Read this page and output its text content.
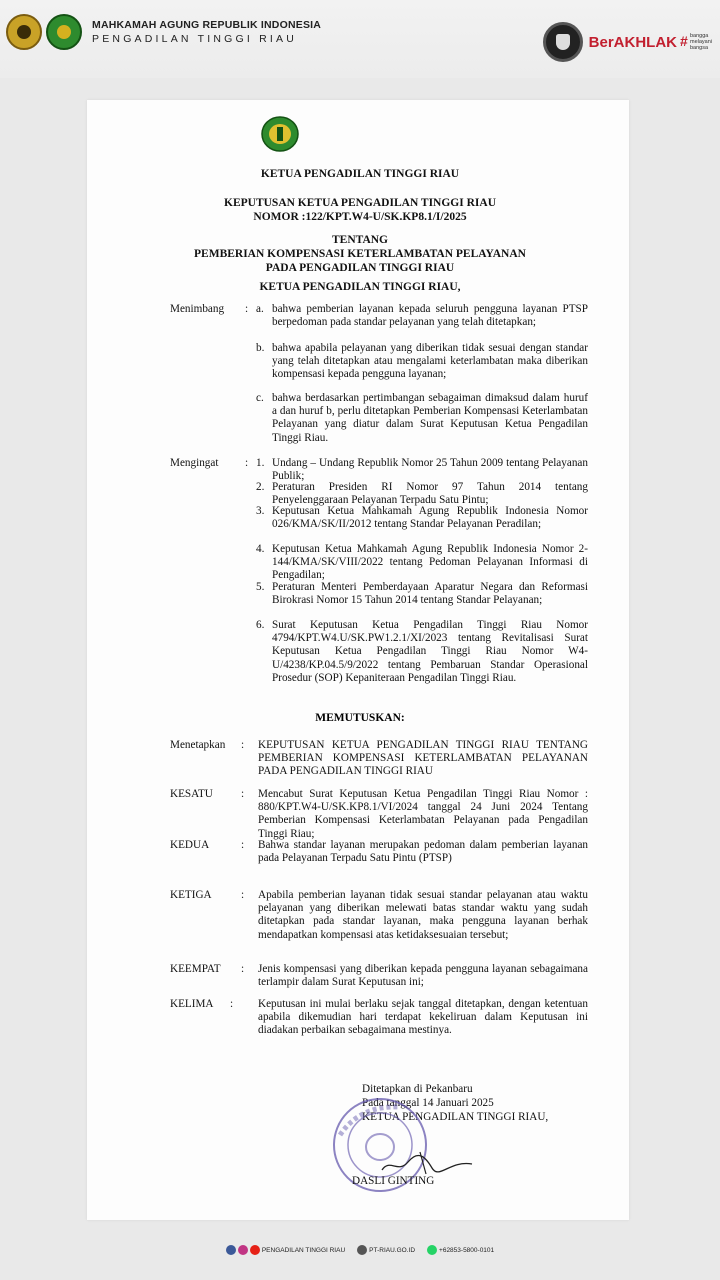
MAHKAMAH AGUNG REPUBLIK INDONESIA
PENGADILAN TINGGI RIAU	BerAKHLAK # bangga
melayani
bangsa
KETUA PENGADILAN TINGGI RIAU
KEPUTUSAN KETUA PENGADILAN TINGGI RIAU
NOMOR :122/KPT.W4-U/SK.KP8.1/I/2025
TENTANG
PEMBERIAN KOMPENSASI KETERLAMBATAN PELAYANAN
PADA PENGADILAN TINGGI RIAU
KETUA PENGADILAN TINGGI RIAU,
Menimbang : a. bahwa pemberian layanan kepada seluruh pengguna layanan PTSP berpedoman pada standar pelayanan yang telah ditetapkan;
b. bahwa apabila pelayanan yang diberikan tidak sesuai dengan standar yang telah ditetapkan atau mengalami keterlambatan maka diberikan kompensasi kepada pengguna layanan;
c. bahwa berdasarkan pertimbangan sebagaiman dimaksud dalam huruf a dan huruf b, perlu ditetapkan Pemberian Kompensasi Keterlambatan Pelayanan yang diatur dalam Surat Keputusan Ketua Pengadilan Tinggi Riau.
Mengingat : 1. Undang – Undang Republik Nomor 25 Tahun 2009 tentang Pelayanan Publik;
2. Peraturan Presiden RI Nomor 97 Tahun 2014 tentang Penyelenggaraan Pelayanan Terpadu Satu Pintu;
3. Keputusan Ketua Mahkamah Agung Republik Indonesia Nomor 026/KMA/SK/II/2012 tentang Standar Pelayanan Peradilan;
4. Keputusan Ketua Mahkamah Agung Republik Indonesia Nomor 2-144/KMA/SK/VIII/2022 tentang Pedoman Pelayanan Informasi di Pengadilan;
5. Peraturan Menteri Pemberdayaan Aparatur Negara dan Reformasi Birokrasi Nomor 15 Tahun 2014 tentang Standar Pelayanan;
6. Surat Keputusan Ketua Pengadilan Tinggi Riau Nomor 4794/KPT.W4.U/SK.PW1.2.1/XI/2023 tentang Revitalisasi Surat Keputusan Ketua Pengadilan Tinggi Riau Nomor W4-U/4238/KP.04.5/9/2022 tentang Pembaruan Standar Operasional Prosedur (SOP) Kepaniteraan Pengadilan Tinggi Riau.
MEMUTUSKAN:
Menetapkan : KEPUTUSAN KETUA PENGADILAN TINGGI RIAU TENTANG PEMBERIAN KOMPENSASI KETERLAMBATAN PELAYANAN PADA PENGADILAN TINGGI RIAU
KESATU	: Mencabut Surat Keputusan Ketua Pengadilan Tinggi Riau Nomor : 880/KPT.W4-U/SK.KP8.1/VI/2024 tanggal 24 Juni 2024 Tentang Pemberian Kompensasi Keterlambatan Pelayanan pada Pengadilan Tinggi Riau;
KEDUA	: Bahwa standar layanan merupakan pedoman dalam pemberian layanan pada Pelayanan Terpadu Satu Pintu (PTSP)
KETIGA	: Apabila pemberian layanan tidak sesuai standar pelayanan atau waktu pelayanan yang diberikan melewati batas standar waktu yang sudah ditetapkan pada standar layanan, maka pengguna layanan berhak mendapatkan kompensasi atas ketidaksesuaian tersebut;
KEEMPAT : Jenis kompensasi yang diberikan kepada pengguna layanan sebagaimana terlampir dalam Surat Keputusan ini;
KELIMA : Keputusan ini mulai berlaku sejak tanggal ditetapkan, dengan ketentuan apabila dikemudian hari terdapat kekeliruan dalam Keputusan ini diadakan perbaikan sebagaimana mestinya.
Ditetapkan di Pekanbaru
Pada tanggal 14 Januari 2025
KETUA PENGADILAN TINGGI RIAU,
DASLI GINTING
PENGADILAN TINGGI RIAU	PT-RIAU.GO.ID	+62853-5800-0101
